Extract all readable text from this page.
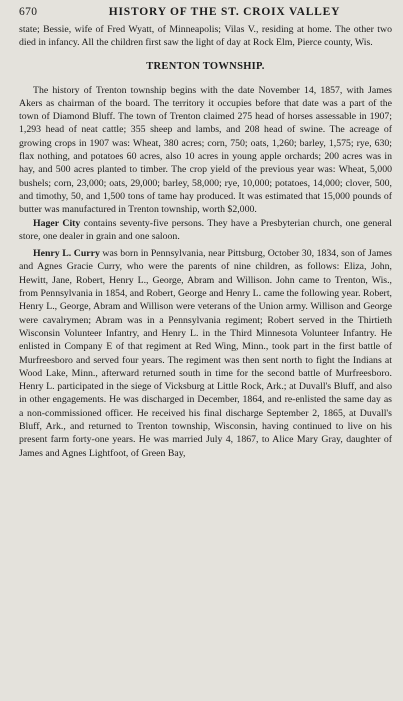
670	HISTORY OF THE ST. CROIX VALLEY

state; Bessie, wife of Fred Wyatt, of Minneapolis; Vilas V., residing at home. The other two died in infancy. All the children first saw the light of day at Rock Elm, Pierce county, Wis.

TRENTON TOWNSHIP.

The history of Trenton township begins with the date November 14, 1857, with James Akers as chairman of the board. The territory it occupies before that date was a part of the town of Diamond Bluff. The town of Trenton claimed 275 head of horses assessable in 1907; 1,293 head of neat cattle; 355 sheep and lambs, and 208 head of swine. The acreage of growing crops in 1907 was: Wheat, 380 acres; corn, 750; oats, 1,260; barley, 1,575; rye, 630; flax nothing, and potatoes 60 acres, also 10 acres in young apple orchards; 200 acres was in hay, and 500 acres planted to timber. The crop yield of the previous year was: Wheat, 5,000 bushels; corn, 23,000; oats, 29,000; barley, 58,000; rye, 10,000; potatoes, 14,000; clover, 500, and timothy, 50, and 1,500 tons of tame hay produced. It was estimated that 15,000 pounds of butter was manufactured in Trenton township, worth $2,000.

Hager City contains seventy-five persons. They have a Presbyterian church, one general store, one dealer in grain and one saloon.

Henry L. Curry was born in Pennsylvania, near Pittsburg, October 30, 1834, son of James and Agnes Gracie Curry, who were the parents of nine children, as follows: Eliza, John, Hewitt, Jane, Robert, Henry L., George, Abram and Willison. John came to Trenton, Wis., from Pennsylvania in 1854, and Robert, George and Henry L. came the following year. Robert, Henry L., George, Abram and Willison were veterans of the Union army. Willison and George were cavalrymen; Abram was in a Pennsylvania regiment; Robert served in the Thirtieth Wisconsin Volunteer Infantry, and Henry L. in the Third Minnesota Volunteer Infantry. He enlisted in Company E of that regiment at Red Wing, Minn., took part in the first battle of Murfreesboro and served four years. The regiment was then sent north to fight the Indians at Wood Lake, Minn., afterward returned south in time for the second battle of Murfreesboro. Henry L. participated in the siege of Vicksburg at Little Rock, Ark.; at Duvall's Bluff, and also in other engagements. He was discharged in December, 1864, and re-enlisted the same day as a non-commissioned officer. He received his final discharge September 2, 1865, at Duvall's Bluff, Ark., and returned to Trenton township, Wisconsin, having continued to live on his present farm forty-one years. He was married July 4, 1867, to Alice Mary Gray, daughter of James and Agnes Lightfoot, of Green Bay,
